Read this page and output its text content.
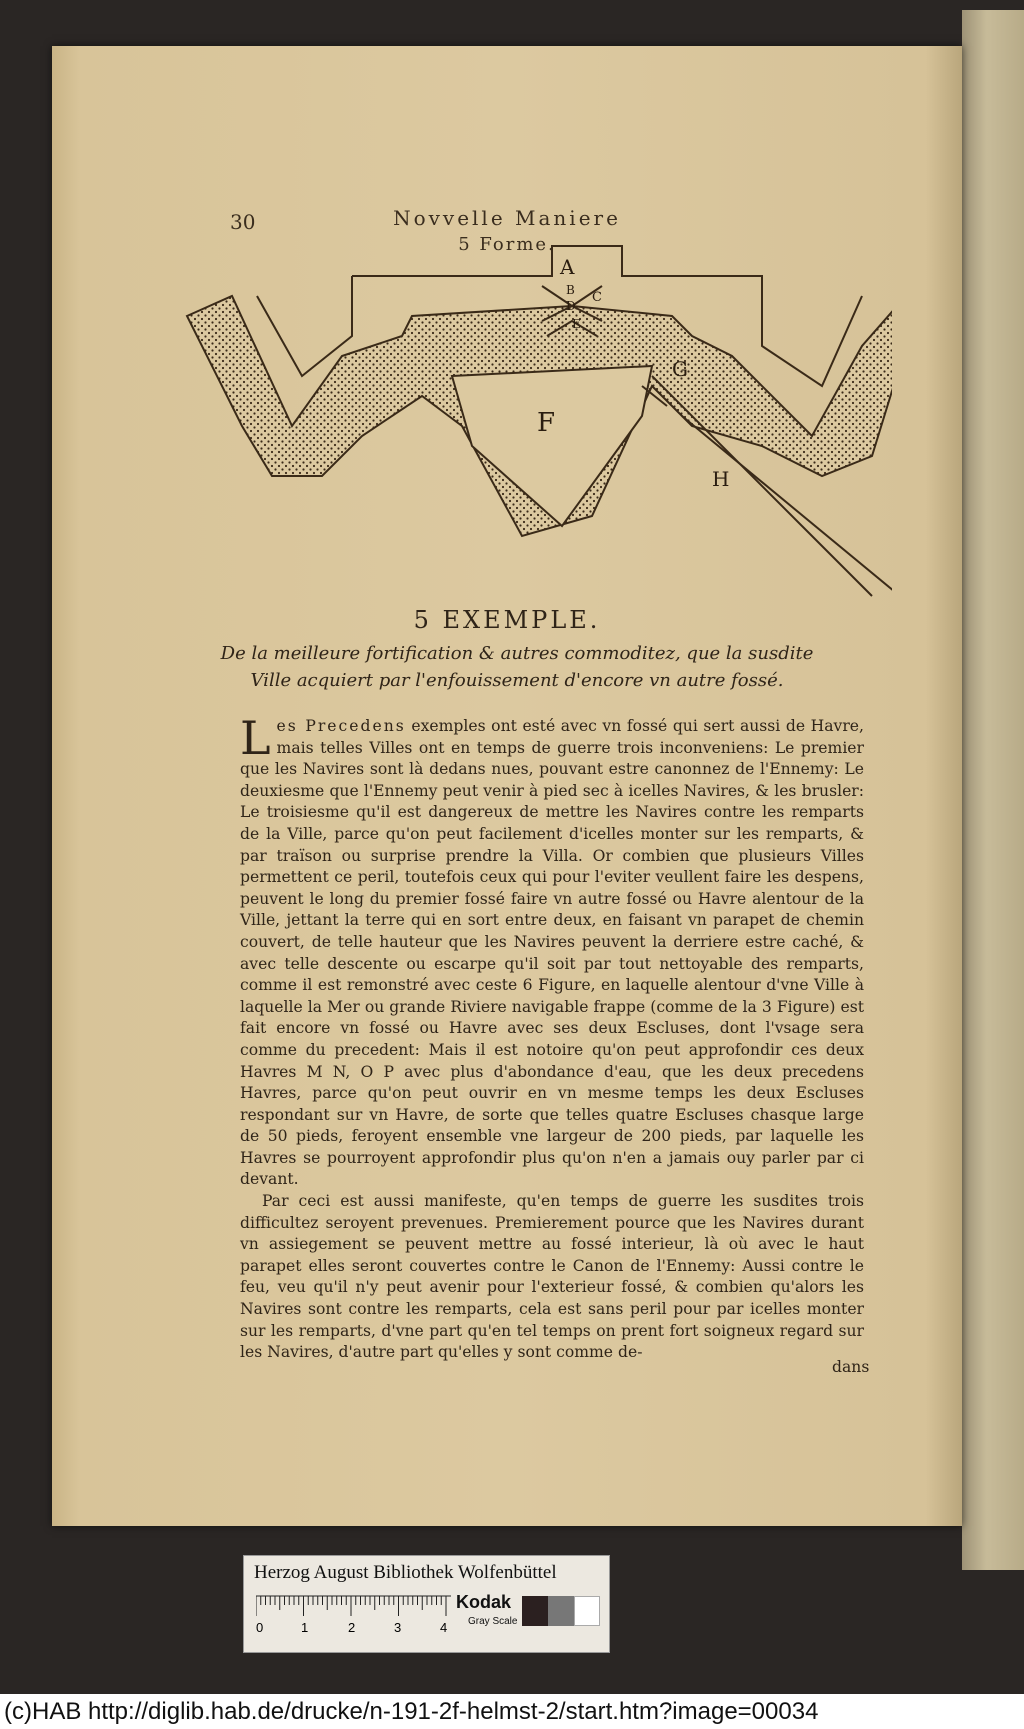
30	Novvelle Maniere
5 Forme.
A
B C
D
E
F
G
H
5 EXEMPLE.
De la meilleure fortification & autres commoditez, que la susdite Ville acquiert par l'enfouissement d'encore vn autre fossé.

Les Precedens exemples ont esté avec vn fossé qui sert aussi de Havre, mais telles Villes ont en temps de guerre trois inconveniens: Le premier que les Navires sont là dedans nues, pouvant estre canonnez de l'Ennemy: Le deuxiesme que l'Ennemy peut venir à pied sec à icelles Navires, & les brusler: Le troisiesme qu'il est dangereux de mettre les Navires contre les remparts de la Ville, parce qu'on peut facilement d'icelles monter sur les remparts, & par traïson ou surprise prendre la Villa. Or combien que plusieurs Villes permettent ce peril, toutefois ceux qui pour l'eviter veullent faire les despens, peuvent le long du premier fossé faire vn autre fossé ou Havre alentour de la Ville, jettant la terre qui en sort entre deux, en faisant vn parapet de chemin couvert, de telle hauteur que les Navires peuvent la derriere estre caché, & avec telle descente ou escarpe qu'il soit par tout nettoyable des remparts, comme il est remonstré avec ceste 6 Figure, en laquelle alentour d'vne Ville à laquelle la Mer ou grande Riviere navigable frappe (comme de la 3 Figure) est fait encore vn fossé ou Havre avec ses deux Escluses, dont l'vsage sera comme du precedent: Mais il est notoire qu'on peut approfondir ces deux Havres M N, O P avec plus d'abondance d'eau, que les deux precedens Havres, parce qu'on peut ouvrir en vn mesme temps les deux Escluses respondant sur vn Havre, de sorte que telles quatre Escluses chasque large de 50 pieds, feroyent ensemble vne largeur de 200 pieds, par laquelle les Havres se pourroyent approfondir plus qu'on n'en a jamais ouy parler par ci devant.

Par ceci est aussi manifeste, qu'en temps de guerre les susdites trois difficultez seroyent prevenues. Premierement pource que les Navires durant vn assiegement se peuvent mettre au fossé interieur, là où avec le haut parapet elles seront couvertes contre le Canon de l'Ennemy: Aussi contre le feu, veu qu'il n'y peut avenir pour l'exterieur fossé, & combien qu'alors les Navires sont contre les remparts, cela est sans peril pour par icelles monter sur les remparts, d'vne part qu'en tel temps on prent fort soigneux regard sur les Navires, d'autre part qu'elles y sont comme de-

dans
Herzog August Bibliothek Wolfenbüttel
0	1	2	3	4
Kodak
Gray Scale
(c)HAB http://diglib.hab.de/drucke/n-191-2f-helmst-2/start.htm?image=00034
